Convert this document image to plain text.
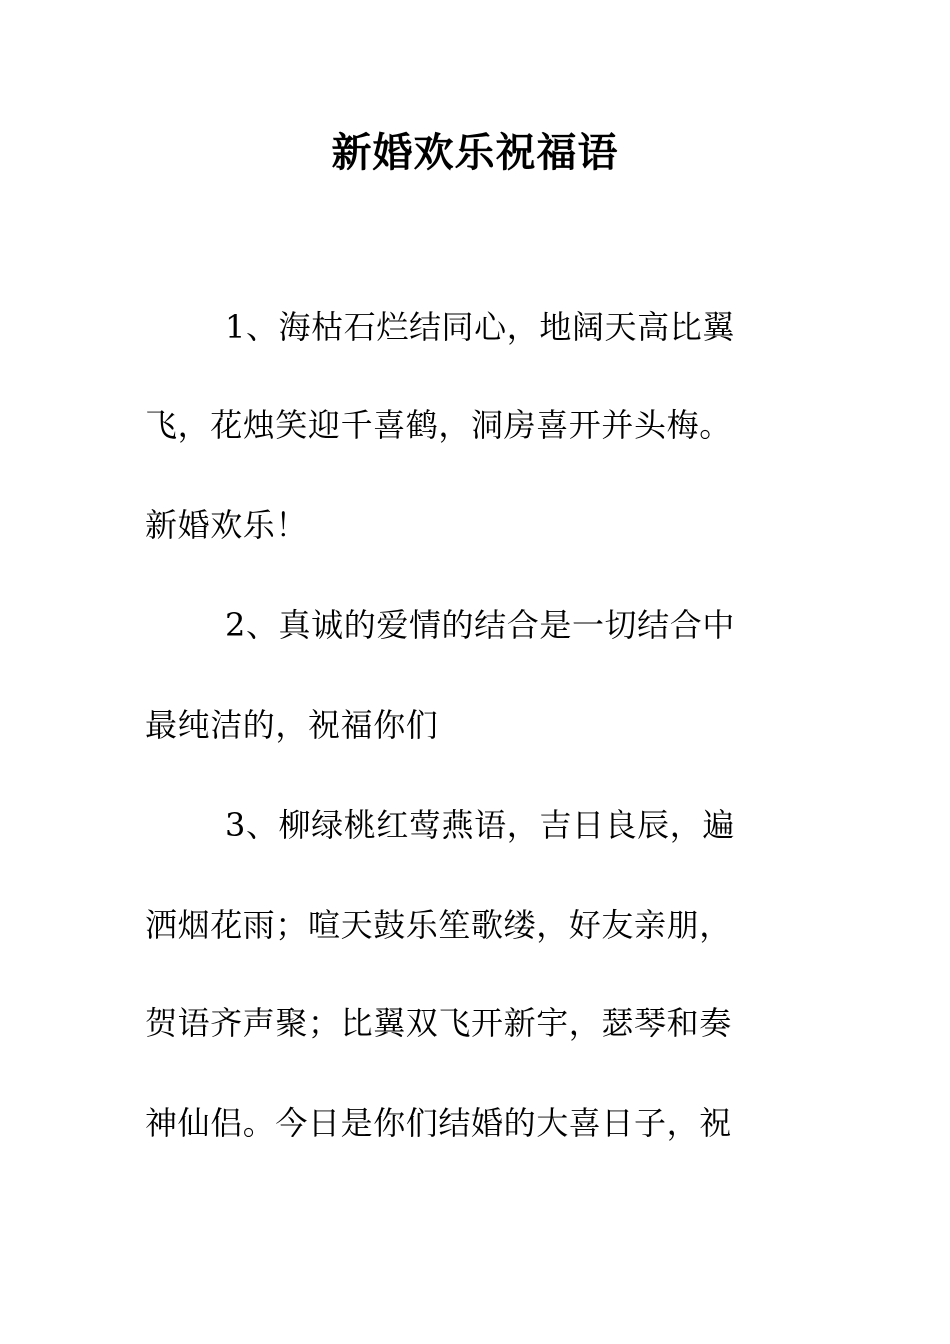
新婚欢乐祝福语
1、海枯石烂结同心，地阔天高比翼
飞，花烛笑迎千喜鹤，洞房喜开并头梅。
新婚欢乐！
2、真诚的爱情的结合是一切结合中
最纯洁的，祝福你们
3、柳绿桃红莺燕语，吉日良辰，遍
洒烟花雨；喧天鼓乐笙歌缕，好友亲朋，
贺语齐声聚；比翼双飞开新宇，瑟琴和奏
神仙侣。今日是你们结婚的大喜日子，祝
